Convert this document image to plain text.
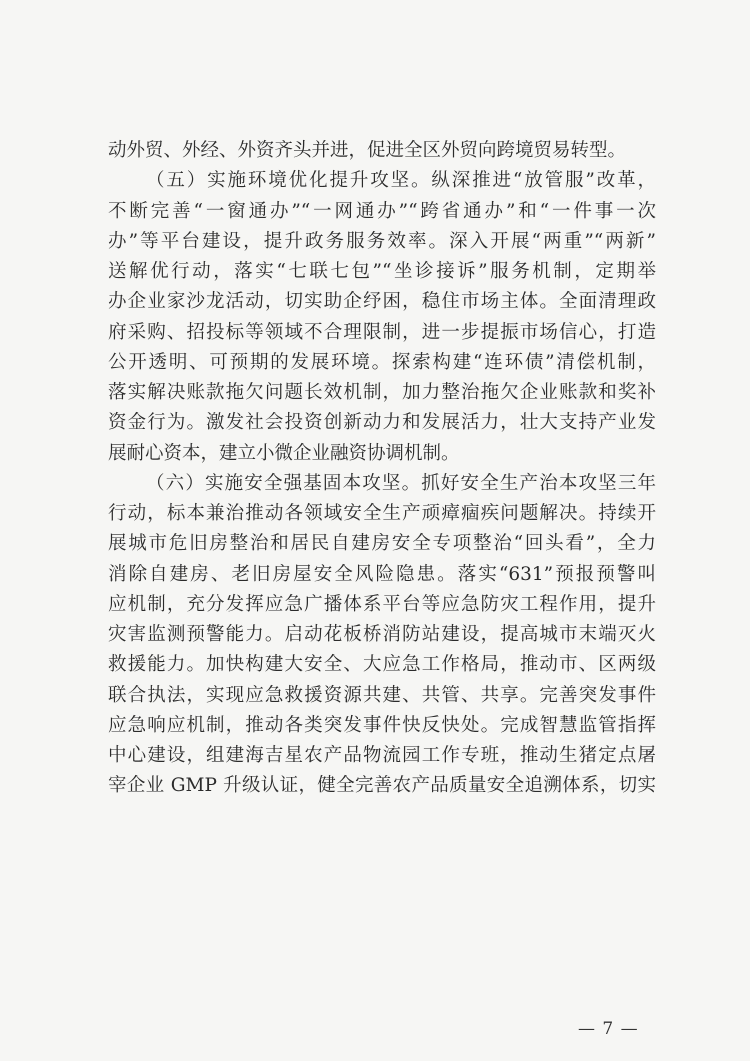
动外贸、外经、外资齐头并进，促进全区外贸向跨境贸易转型。
（五）实施环境优化提升攻坚。纵深推进“放管服”改革，
不断完善“一窗通办”“一网通办”“跨省通办”和“一件事一次
办”等平台建设，提升政务服务效率。深入开展“两重”“两新”
送解优行动，落实“七联七包”“坐诊接诉”服务机制，定期举
办企业家沙龙活动，切实助企纾困，稳住市场主体。全面清理政
府采购、招投标等领域不合理限制，进一步提振市场信心，打造
公开透明、可预期的发展环境。探索构建“连环债”清偿机制，
落实解决账款拖欠问题长效机制，加力整治拖欠企业账款和奖补
资金行为。激发社会投资创新动力和发展活力，壮大支持产业发
展耐心资本，建立小微企业融资协调机制。
（六）实施安全强基固本攻坚。抓好安全生产治本攻坚三年
行动，标本兼治推动各领域安全生产顽瘴痼疾问题解决。持续开
展城市危旧房整治和居民自建房安全专项整治“回头看”，全力
消除自建房、老旧房屋安全风险隐患。落实“631”预报预警叫
应机制，充分发挥应急广播体系平台等应急防灾工程作用，提升
灾害监测预警能力。启动花板桥消防站建设，提高城市末端灭火
救援能力。加快构建大安全、大应急工作格局，推动市、区两级
联合执法，实现应急救援资源共建、共管、共享。完善突发事件
应急响应机制，推动各类突发事件快反快处。完成智慧监管指挥
中心建设，组建海吉星农产品物流园工作专班，推动生猪定点屠
宰企业 GMP 升级认证，健全完善农产品质量安全追溯体系，切实
— 7 —
